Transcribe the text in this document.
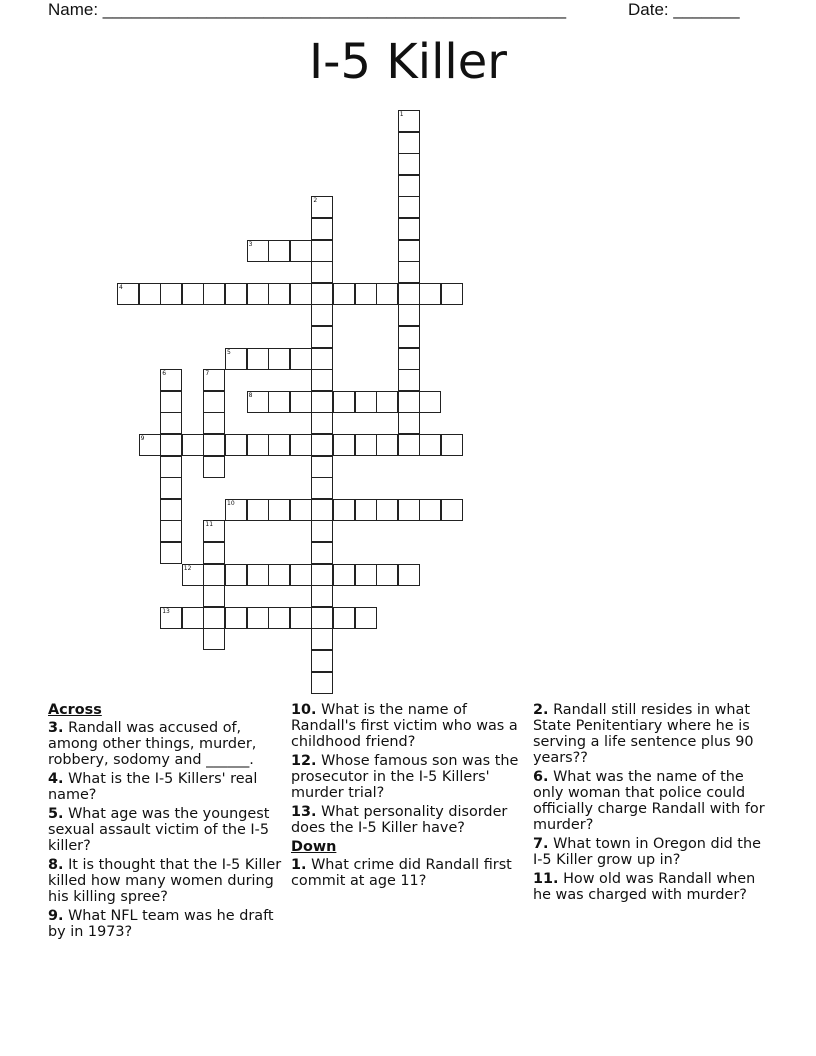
Name: _________________________________________________	Date: _______
I-5 Killer
1
2
3
4
5
6	7
8
9
10
11
12
13
Across
3. Randall was accused of, among other things, murder, robbery, sodomy and ______.
4. What is the I-5 Killers' real name?
5. What age was the youngest sexual assault victim of the I-5 killer?
8. It is thought that the I-5 Killer killed how many women during his killing spree?
9. What NFL team was he draft by in 1973?
10. What is the name of Randall's first victim who was a childhood friend?
12. Whose famous son was the prosecutor in the I-5 Killers' murder trial?
13. What personality disorder does the I-5 Killer have?
Down
1. What crime did Randall first commit at age 11?
2. Randall still resides in what State Penitentiary where he is serving a life sentence plus 90 years??
6. What was the name of the only woman that police could officially charge Randall with for murder?
7. What town in Oregon did the I-5 Killer grow up in?
11. How old was Randall when he was charged with murder?
